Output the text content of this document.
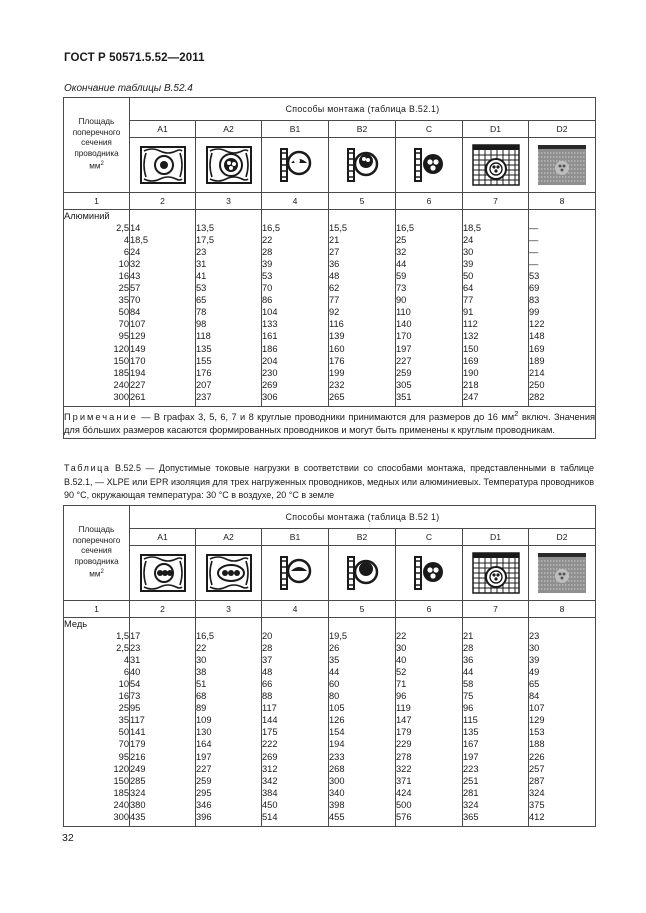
ГОСТ Р 50571.5.52—2011
Окончание таблицы В.52.4
Площадь
поперечного
сечения
проводника
$мм^2$	Способы монтажа (таблица В.52.1)						
	A1	A2	B1	B2	C	D1	D2

1	2	3	4	5	6	7	8
Алюминий							
2,5	14	13,5	16,5	15,5	16,5	18,5	—
4	18,5	17,5	22	21	25	24	—
6	24	23	28	27	32	30	—
10	32	31	39	36	44	39	—
16	43	41	53	48	59	50	53
25	57	53	70	62	73	64	69
35	70	65	86	77	90	77	83
50	84	78	104	92	110	91	99
70	107	98	133	116	140	112	122
95	129	118	161	139	170	132	148
120	149	135	186	160	197	150	169
150	170	155	204	176	227	169	189
185	194	176	230	199	259	190	214
240	227	207	269	232	305	218	250
300	261	237	306	265	351	247	282

Примечание — В графах 3, 5, 6, 7 и 8 круглые проводники принимаются для размеров до 16 $мм^2$ включ. Значения для бóльших размеров касаются формированных проводников и могут быть применены к круглым проводникам.							
Таблица В.52.5 — Допустимые токовые нагрузки в соответствии со способами монтажа, представленными в таблице В.52.1, — XLPE или EPR изоляция для трех нагруженных проводников, медных или алюминиевых. Температура проводников 90 °С, окружающая температура: 30 °С в воздухе, 20 °С в земле
Площадь
поперечного
сечения
проводника
$мм^2$	Способы монтажа (таблица В.52 1)						
	A1	A2	B1	B2	C	D1	D2

1	2	3	4	5	6	7	8
Медь							
1,5	17	16,5	20	19,5	22	21	23
2,5	23	22	28	26	30	28	30
4	31	30	37	35	40	36	39
6	40	38	48	44	52	44	49
10	54	51	66	60	71	58	65
16	73	68	88	80	96	75	84
25	95	89	117	105	119	96	107
35	117	109	144	126	147	115	129
50	141	130	175	154	179	135	153
70	179	164	222	194	229	167	188
95	216	197	269	233	278	197	226
120	249	227	312	268	322	223	257
150	285	259	342	300	371	251	287
185	324	295	384	340	424	281	324
240	380	346	450	398	500	324	375
300	435	396	514	455	576	365	412

32
